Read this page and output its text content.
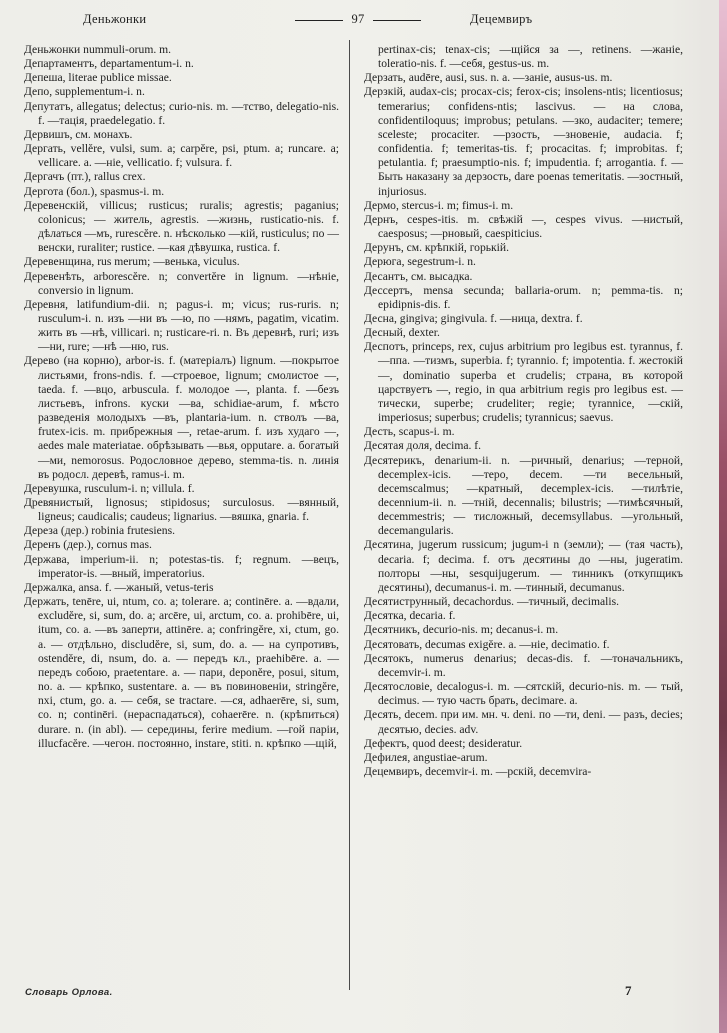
Деньжонки	97	Децемвиръ

Деньжонки nummuli-orum. m.

Департаментъ, departamentum-i. n.

Депеша, literae publice missae.

Депо, supplementum-i. n.

Депутатъ, allegatus; delectus; curio-nis. m. —тство, delegatio-nis. f. —тація, praedelegatio. f.

Дервишъ, см. монахъ.

Дергать, vellĕre, vulsi, sum. a; carpĕre, psi, ptum. a; runcare. a; vellicare. a. —ніе, vellicatio. f; vulsura. f.

Дергачъ (пт.), rallus crex.

Дергота (бол.), spasmus-i. m.

Деревенскій, villicus; rusticus; ruralis; agrestis; paganius; colonicus; — житель, agrestis. —жизнь, rusticatio-nis. f. дѣлаться —мъ, rurescĕre. n. нѣсколько —кій, rusticulus; по —венски, ruraliter; rustice. —кая дѣвушка, rustica. f.

Деревенщина, rus merum; —венька, viculus.

Деревенѣть, arborescĕre. n; convertĕre in lignum. —нѣніе, conversio in lignum.

Деревня, latifundium-dii. n; pagus-i. m; vicus; rus-ruris. n; rusculum-i. n. изъ —ни въ —ю, по —нямъ, pagatim, vicatim. жить въ —нѣ, villicari. n; rusticare-ri. n. Въ деревнѣ, ruri; изъ —ни, rure; —нѣ —ню, rus.

Дерево (на корню), arbor-is. f. (матеріалъ) lignum. —покрытое листьями, frons-ndis. f. —строевое, lignum; смолистое —, taeda. f. —вцо, arbuscula. f. молодое —, planta. f. —безъ листьевъ, infrons. куски —ва, schidiae-arum, f. мѣсто разведенія молодыхъ —въ, plantaria-ium. n. стволъ —ва, frutex-icis. m. прибрежныя —, retae-arum. f. изъ худаго —, aedes male materiatae. обрѣзывать —вья, opputare. a. богатый —ми, nemorosus. Родословное дерево, stemma-tis. n. линія въ родосл. деревѣ, ramus-i. m.

Деревушка, rusculum-i. n; villula. f.

Древянистый, lignosus; stipidosus; surculosus. —вянный, ligneus; caudicalis; caudeus; lignarius. —вяшка, gnaria. f.

Дереза (дер.) robinia frutesiens.

Деренъ (дер.), cornus mas.

Держава, imperium-ii. n; potestas-tis. f; regnum. —вецъ, imperator-is. —вный, imperatorius.

Держалка, ansa. f. —жаный, vetus-teris

Держать, tenēre, ui, ntum, co. a; tolerare. a; continēre. a. —вдали, excludĕre, si, sum, do. a; arcēre, ui, arctum, co. a. prohibēre, ui, itum, co. a. —въ заперти, attinēre. a; confringĕre, xi, ctum, go. a. — отдѣльно, discludĕre, si, sum, do. a. — на супротивъ, ostendĕre, di, nsum, do. a. — передъ кл., praehibēre. a. — передъ собою, praetentare. a. — пари, deponĕre, posui, situm, no. a. — крѣпко, sustentare. a. — въ повиновеніи, stringĕre, nxi, ctum, go. a. — себя, se tractare. —ся, adhaerēre, si, sum, co. n; continēri. (нераспадаться), cohaerēre. n. (крѣпиться) durare. n. (in abl). — середины, ferire medium. —гой паріи, illucfacĕre. —чегон. постоянно, instare, stiti. n. крѣпко —щій,

pertinax-cis; tenax-cis; —щійся за —, retinens. —жаніе, toleratio-nis. f. —себя, gestus-us. m.

Дерзать, audēre, ausi, sus. n. a. —заніе, ausus-us. m.

Дерзкій, audax-cis; procax-cis; ferox-cis; insolens-ntis; licentiosus; temerarius; confidens-ntis; lascivus. — на слова, confidentiloquus; improbus; petulans. —зко, audaciter; temere; scelestе; procaciter. —рзость, —зновеніе, audacia. f; confidentia. f; temeritas-tis. f; procacitas. f; improbitas. f; petulantia. f; praesumptio-nis. f; impudentia. f; arrogantia. f. —Быть наказану за дерзость, dare poenas temeritatis. —зостный, injuriosus.

Дермо, stercus-i. m; fimus-i. m.

Дернъ, cespes-itis. m. свѣжій —, cespes vivus. —нистый, caesposus; —рновый, caespiticius.

Дерунъ, см. крѣпкій, горькій.

Дерюга, segestrum-i. n.

Десантъ, см. высадка.

Дессертъ, mensa secunda; ballaria-orum. n; pemma-tis. n; epidipnis-dis. f.

Десна, gingiva; gingivula. f. —ница, dextra. f.

Десный, dexter.

Деспотъ, princeps, rex, cujus arbitrium pro legibus est. tyrannus, f. —ппа. —тизмъ, superbia. f; tyrannio. f; impotentia. f. жестокій —, dominatio superba et crudelis; страна, въ которой царствуетъ —, regio, in qua arbitrium regis pro legibus est. —тически, superbe; crudeliter; regie; tyrannice, —скій, imperiosus; superbus; crudelis; tyrannicus; saevus.

Десть, scapus-i. m.

Десятая доля, decima. f.

Десятерикъ, denarium-ii. n. —ричный, denarius; —терной, decemplex-icis. —теро, decem. —ти весельный, decemscalmus; —кратный, decemplex-icis. —тилѣтіе, decennium-ii. n. —тній, decennalis; bilustris; —тимѣсячный, decemmestris; — тисложный, decemsyllabus. —угольный, decemangularis.

Десятина, jugerum russicum; jugum-i n (земли); — (тая часть), decaria. f; decima. f. отъ десятины до —ны, jugeratim. полторы —ны, sesquijugerum. — тинникъ (откупщикъ десятины), decumanus-i. m. —тинный, decumanus.

Десятиструнный, decachordus. —тичный, decimalis.

Десятка, decaria. f.

Десятникъ, decurio-nis. m; decanus-i. m.

Десятовать, decumas exigĕre. a. —ніе, decimatio. f.

Десятокъ, numerus denarius; decas-dis. f. —тоначальникъ, decemvir-i. m.

Десятословіе, decalogus-i. m. —сятскій, decurio-nis. m. — тый, decimus. — тую часть брать, decimare. a.

Десять, decem. при им. мн. ч. deni. по —ти, deni. — разъ, decies; десятью, decies. adv.

Дефектъ, quod deest; desideratur.

Дефилея, angustiae-arum.

Децемвиръ, decemvir-i. m. —рскій, decemvira-

Словарь Орлова.	7
